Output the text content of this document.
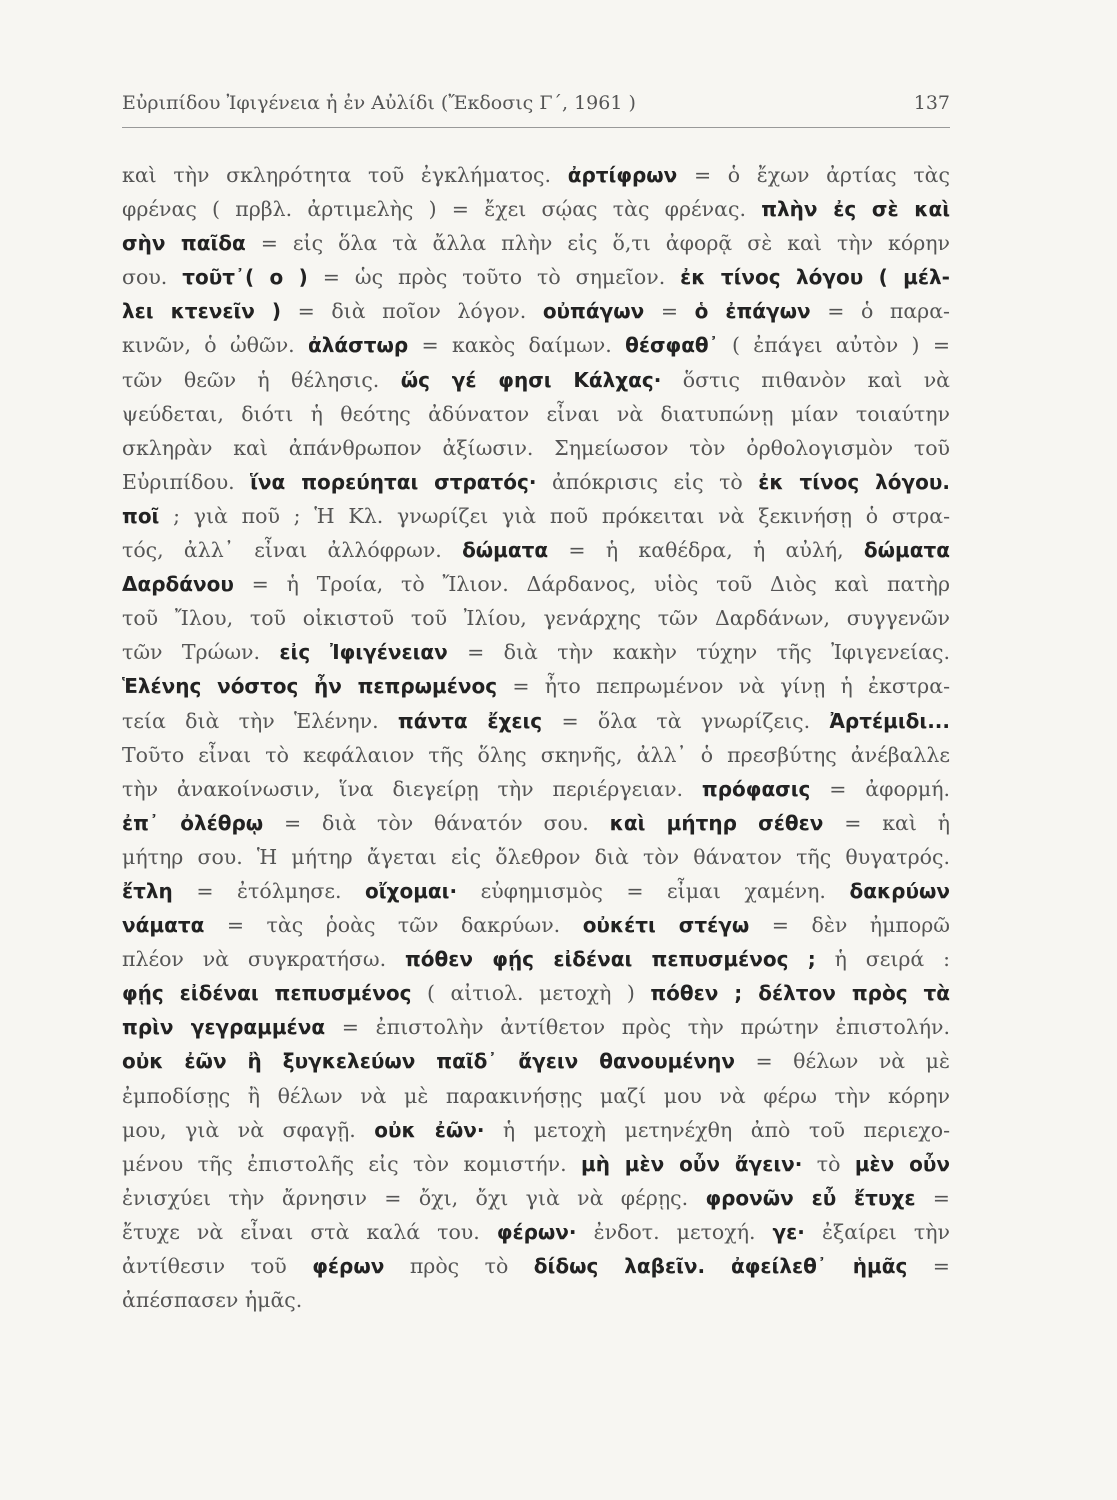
Εὐριπίδου Ἰφιγένεια ἡ ἐν Αὐλίδι (Ἔκδοσις Γ΄, 1961 )	137
καὶ τὴν σκληρότητα τοῦ ἐγκλήματος. ἀρτίφρων = ὁ ἔχων ἀρτίας τὰς
φρένας ( πρβλ. ἀρτιμελὴς ) = ἔχει σῴας τὰς φρένας. πλὴν ἐς σὲ καὶ
σὴν παῖδα = εἰς ὅλα τὰ ἄλλα πλὴν εἰς ὅ,τι ἀφορᾷ σὲ καὶ τὴν κόρην
σου. τοῦτ᾽( ο ) = ὡς πρὸς τοῦτο τὸ σημεῖον. ἐκ τίνος λόγου ( μέλ-
λει κτενεῖν ) = διὰ ποῖον λόγον. οὐπάγων = ὁ ἐπάγων = ὁ παρα-
κινῶν, ὁ ὠθῶν. ἀλάστωρ = κακὸς δαίμων. θέσφαθ᾽ ( ἐπάγει αὐτὸν ) =
τῶν θεῶν ἡ θέλησις. ὥς γέ φησι Κάλχας· ὅστις πιθανὸν καὶ νὰ
ψεύδεται, διότι ἡ θεότης ἀδύνατον εἶναι νὰ διατυπώνῃ μίαν τοιαύτην
σκληρὰν καὶ ἀπάνθρωπον ἀξίωσιν. Σημείωσον τὸν ὀρθολογισμὸν τοῦ
Εὐριπίδου. ἵνα πορεύηται στρατός· ἀπόκρισις εἰς τὸ ἐκ τίνος λόγου.
ποῖ ; γιὰ ποῦ ; Ἡ Κλ. γνωρίζει γιὰ ποῦ πρόκειται νὰ ξεκινήσῃ ὁ στρα-
τός, ἀλλ᾽ εἶναι ἀλλόφρων. δώματα = ἡ καθέδρα, ἡ αὐλή, δώματα
Δαρδάνου = ἡ Τροία, τὸ Ἴλιον. Δάρδανος, υἱὸς τοῦ Διὸς καὶ πατὴρ
τοῦ Ἴλου, τοῦ οἰκιστοῦ τοῦ Ἰλίου, γενάρχης τῶν Δαρδάνων, συγγενῶν
τῶν Τρώων. εἰς Ἰφιγένειαν = διὰ τὴν κακὴν τύχην τῆς Ἰφιγενείας.
Ἑλένης νόστος ἦν πεπρωμένος = ἦτο πεπρωμένον νὰ γίνῃ ἡ ἐκστρα-
τεία διὰ τὴν Ἑλένην. πάντα ἔχεις = ὅλα τὰ γνωρίζεις. Ἀρτέμιδι...
Τοῦτο εἶναι τὸ κεφάλαιον τῆς ὅλης σκηνῆς, ἀλλ᾽ ὁ πρεσβύτης ἀνέβαλλε
τὴν ἀνακοίνωσιν, ἵνα διεγείρῃ τὴν περιέργειαν. πρόφασις = ἀφορμή.
ἐπ᾽ ὀλέθρῳ = διὰ τὸν θάνατόν σου. καὶ μήτηρ σέθεν = καὶ ἡ
μήτηρ σου. Ἡ μήτηρ ἄγεται εἰς ὄλεθρον διὰ τὸν θάνατον τῆς θυγατρός.
ἔτλη = ἐτόλμησε. οἴχομαι· εὐφημισμὸς = εἶμαι χαμένη. δακρύων
νάματα = τὰς ῥοὰς τῶν δακρύων. οὐκέτι στέγω = δὲν ἠμπορῶ
πλέον νὰ συγκρατήσω. πόθεν φῄς εἰδέναι πεπυσμένος ; ἡ σειρά :
φῄς εἰδέναι πεπυσμένος ( αἰτιολ. μετοχὴ ) πόθεν ; δέλτον πρὸς τὰ
πρὶν γεγραμμένα = ἐπιστολὴν ἀντίθετον πρὸς τὴν πρώτην ἐπιστολήν.
οὐκ ἐῶν ἢ ξυγκελεύων παῖδ᾽ ἄγειν θανουμένην = θέλων νὰ μὲ
ἐμποδίσῃς ἢ θέλων νὰ μὲ παρακινήσῃς μαζί μου νὰ φέρω τὴν κόρην
μου, γιὰ νὰ σφαγῇ. οὐκ ἐῶν· ἡ μετοχὴ μετηνέχθη ἀπὸ τοῦ περιεχο-
μένου τῆς ἐπιστολῆς εἰς τὸν κομιστήν. μὴ μὲν οὖν ἄγειν· τὸ μὲν οὖν
ἐνισχύει τὴν ἄρνησιν = ὄχι, ὄχι γιὰ νὰ φέρῃς. φρονῶν εὖ ἔτυχε =
ἔτυχε νὰ εἶναι στὰ καλά του. φέρων· ἐνδοτ. μετοχή. γε· ἐξαίρει τὴν
ἀντίθεσιν τοῦ φέρων πρὸς τὸ δίδως λαβεῖν. ἀφείλεθ᾽ ἡμᾶς =
ἀπέσπασεν ἡμᾶς.
